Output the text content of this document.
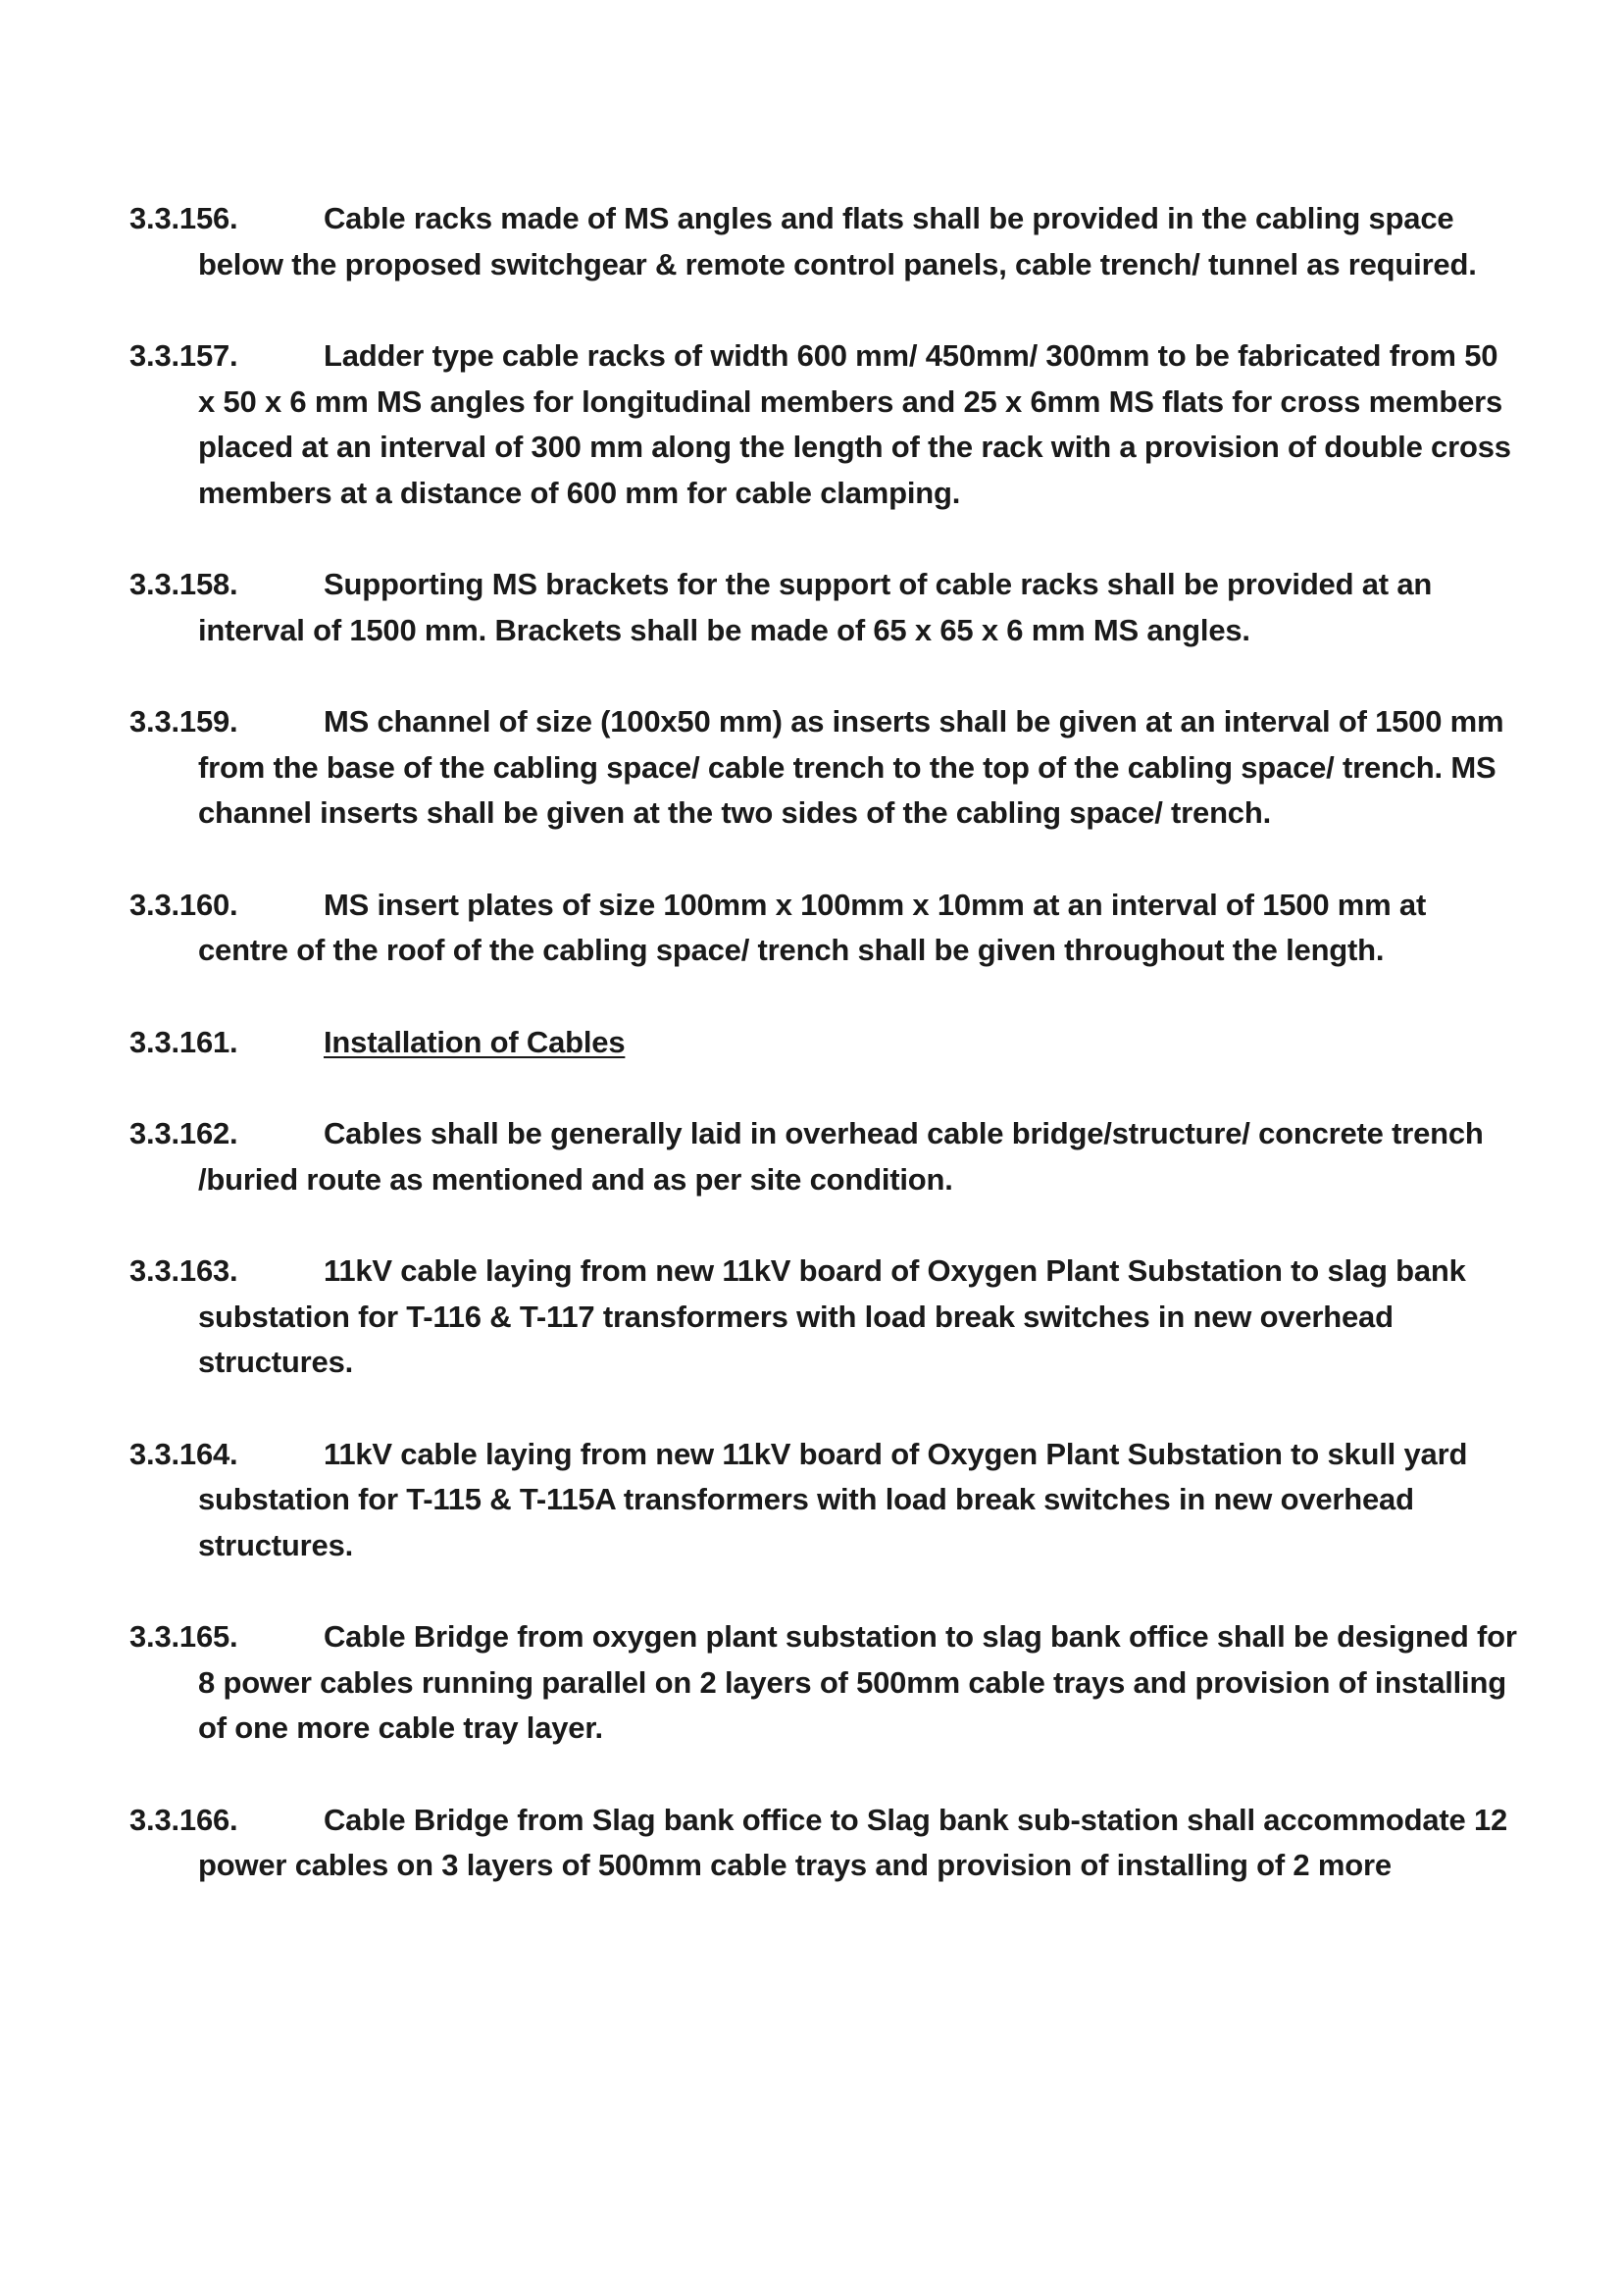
3.3.156.	Cable racks made of MS angles and flats shall be provided in the cabling space below the proposed switchgear & remote control panels, cable trench/ tunnel as required.
3.3.157.	Ladder type cable racks of width 600 mm/ 450mm/ 300mm to be fabricated from 50 x 50 x 6 mm MS angles for longitudinal members and 25 x 6mm MS flats for cross members placed at an interval of 300 mm along the length of the rack with a provision of double cross members at a distance of 600 mm for cable clamping.
3.3.158.	Supporting MS brackets for the support of cable racks shall be provided at an interval of 1500 mm. Brackets shall be made of 65 x 65 x 6 mm MS angles.
3.3.159.	MS channel of size (100x50 mm) as inserts shall be given at an interval of 1500 mm from the base of the cabling space/ cable trench to the top of the cabling space/ trench. MS channel inserts shall be given at the two sides of the cabling space/ trench.
3.3.160.	MS insert plates of size 100mm x 100mm x 10mm at an interval of 1500 mm at centre of the roof of the cabling space/ trench shall be given throughout the length.
3.3.161.	Installation of Cables
3.3.162.	Cables shall be generally laid in overhead cable bridge/structure/ concrete trench /buried route as mentioned and as per site condition.
3.3.163.	11kV cable laying from new 11kV board of Oxygen Plant Substation to slag bank substation for T-116 & T-117 transformers with load break switches in new overhead structures.
3.3.164.	11kV cable laying from new 11kV board of Oxygen Plant Substation to skull yard substation for T-115 & T-115A transformers with load break switches in new overhead structures.
3.3.165.	Cable Bridge from oxygen plant substation to slag bank office shall be designed for 8 power cables running parallel on 2 layers of 500mm cable trays and provision of installing of one more cable tray layer.
3.3.166.	Cable Bridge from Slag bank office to Slag bank sub-station shall accommodate 12 power cables on 3 layers of 500mm cable trays and provision of installing of 2 more
